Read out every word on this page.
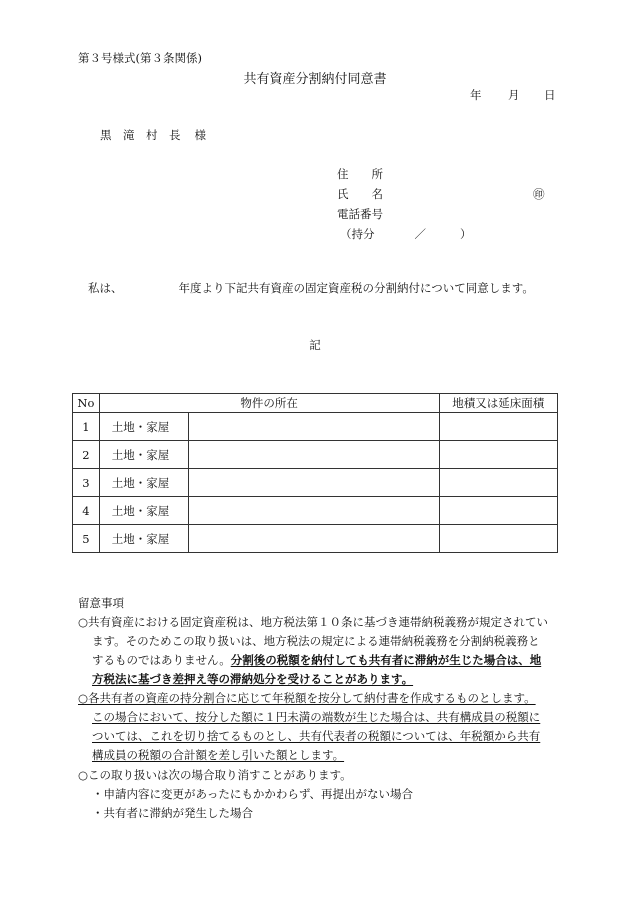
第３号様式(第３条関係)
共有資産分割納付同意書
年 月 日
黒　滝　村　長 様
住　　所
氏　　名	㊞
電話番号
（持分	／	）
私は、	年度より下記共有資産の固定資産税の分割納付について同意します。
記
No	物件の所在		地積又は延床面積
1	土地・家屋		
2	土地・家屋		
3	土地・家屋		
4	土地・家屋		
5	土地・家屋		
留意事項
○共有資産における固定資産税は、地方税法第１０条に基づき連帯納税義務が規定されてい
ます。そのためこの取り扱いは、地方税法の規定による連帯納税義務を分割納税義務と
するものではありません。分割後の税額を納付しても共有者に滞納が生じた場合は、地
方税法に基づき差押え等の滞納処分を受けることがあります。
○各共有者の資産の持分割合に応じて年税額を按分して納付書を作成するものとします。
この場合において、按分した額に１円未満の端数が生じた場合は、共有構成員の税額に
ついては、これを切り捨てるものとし、共有代表者の税額については、年税額から共有
構成員の税額の合計額を差し引いた額とします。
○この取り扱いは次の場合取り消すことがあります。
・申請内容に変更があったにもかかわらず、再提出がない場合
・共有者に滞納が発生した場合
